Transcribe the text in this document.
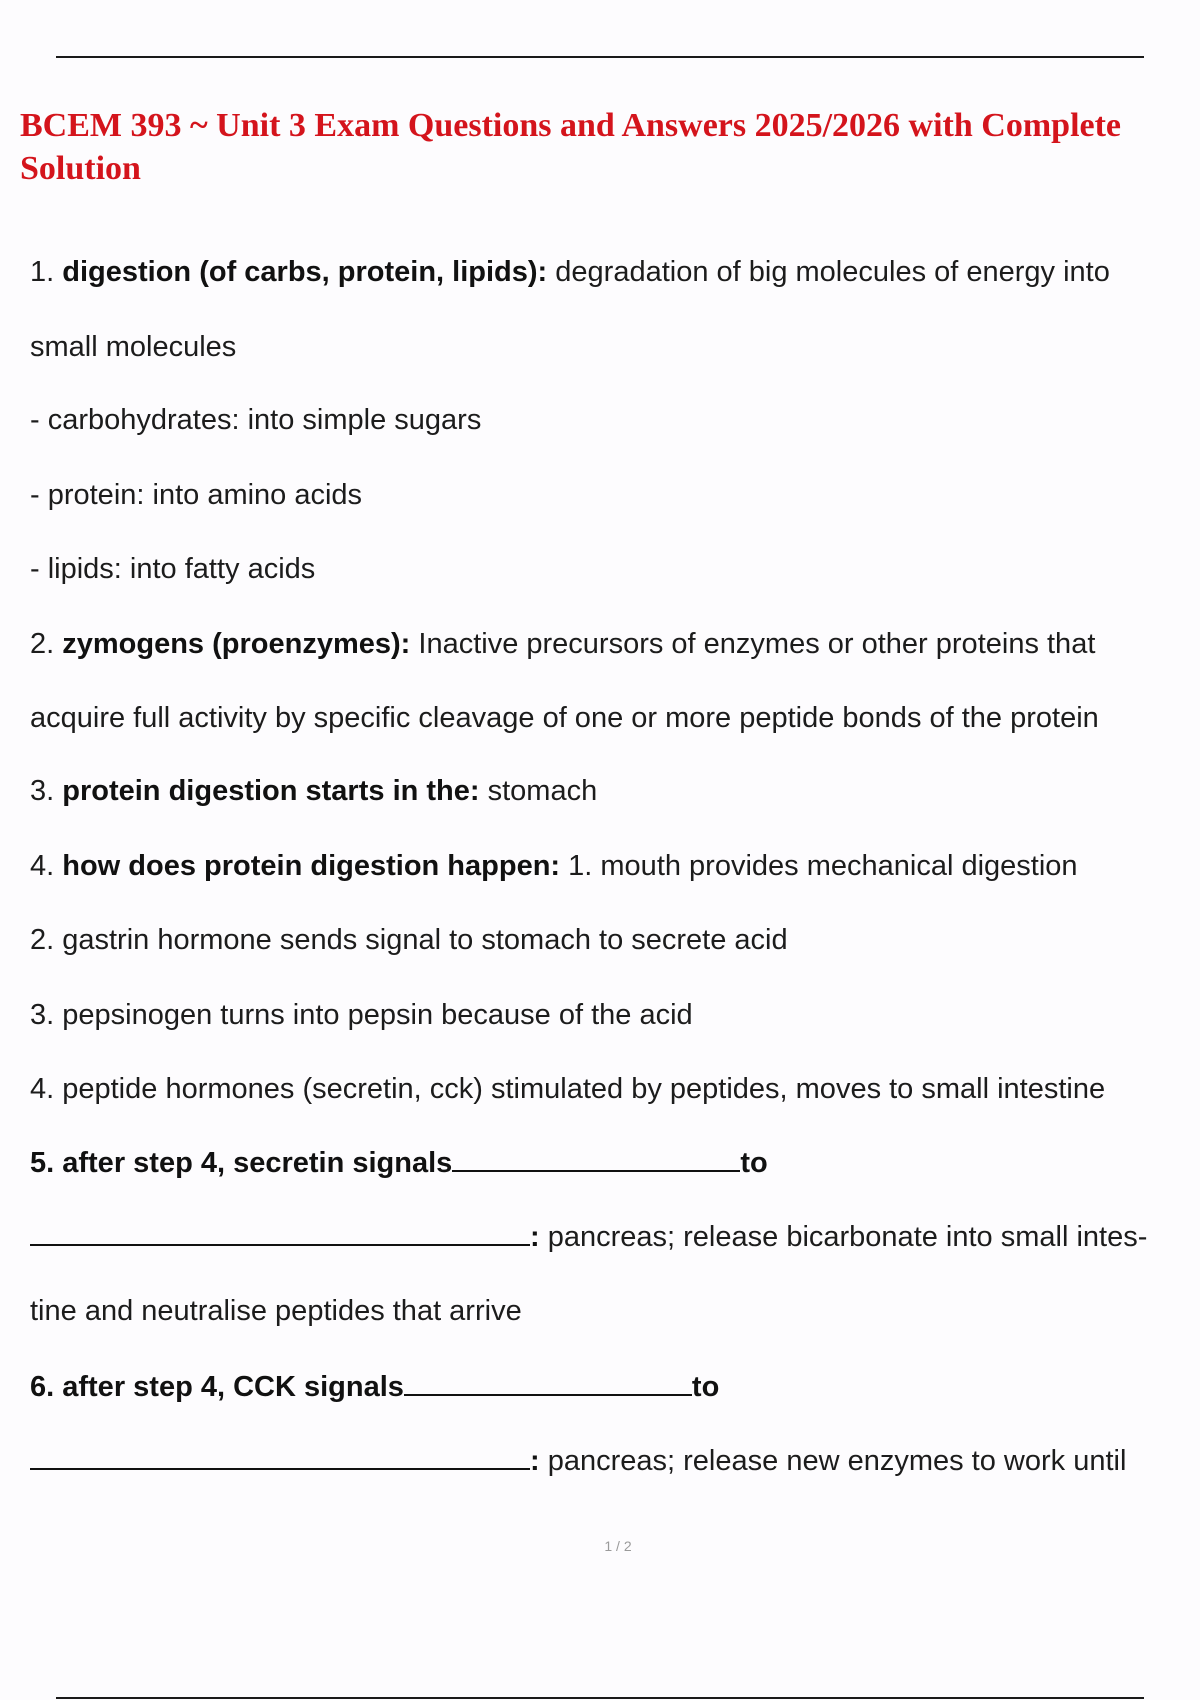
BCEM 393 ~ Unit 3 Exam Questions and Answers 2025/2026 with Complete
Solution
1. digestion (of carbs, protein, lipids): degradation of big molecules of energy into
small molecules
- carbohydrates: into simple sugars
- protein: into amino acids
- lipids: into fatty acids
2. zymogens (proenzymes): Inactive precursors of enzymes or other proteins that
acquire full activity by specific cleavage of one or more peptide bonds of the protein
3. protein digestion starts in the: stomach
4. how does protein digestion happen: 1. mouth provides mechanical digestion
2. gastrin hormone sends signal to stomach to secrete acid
3. pepsinogen turns into pepsin because of the acid
4. peptide hormones (secretin, cck) stimulated by peptides, moves to small intestine
5. after step 4, secretin signals	to
: pancreas; release bicarbonate into small intes-
tine and neutralise peptides that arrive
6. after step 4, CCK signals	to
: pancreas; release new enzymes to work until
1 / 2
